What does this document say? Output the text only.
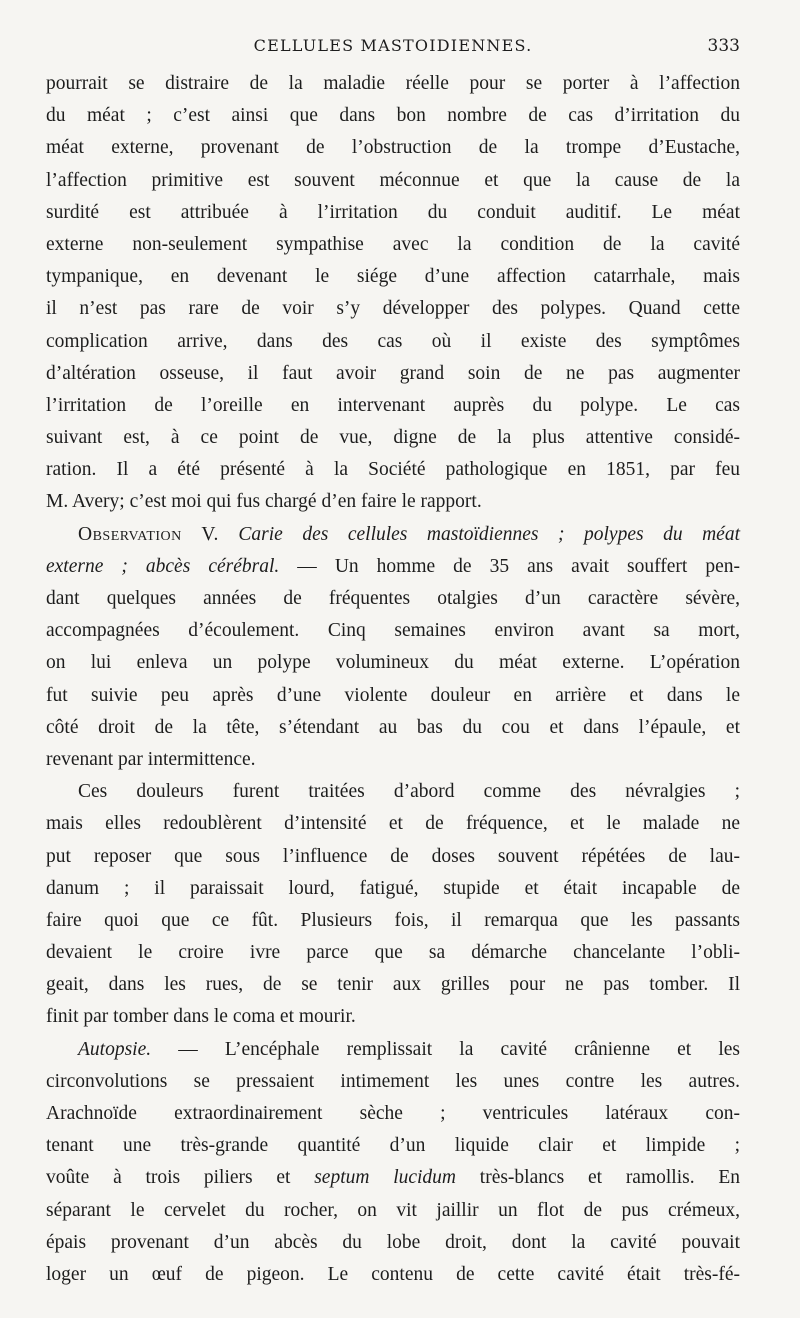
CELLULES MASTOIDIENNES.	333
pourrait se distraire de la maladie réelle pour se porter à l’affection
du méat ; c’est ainsi que dans bon nombre de cas d’irritation du
méat externe, provenant de l’obstruction de la trompe d’Eustache,
l’affection primitive est souvent méconnue et que la cause de la
surdité est attribuée à l’irritation du conduit auditif. Le méat
externe non-seulement sympathise avec la condition de la cavité
tympanique, en devenant le siége d’une affection catarrhale, mais
il n’est pas rare de voir s’y développer des polypes. Quand cette
complication arrive, dans des cas où il existe des symptômes
d’altération osseuse, il faut avoir grand soin de ne pas augmenter
l’irritation de l’oreille en intervenant auprès du polype. Le cas
suivant est, à ce point de vue, digne de la plus attentive considé-
ration. Il a été présenté à la Société pathologique en 1851, par feu
M. Avery; c’est moi qui fus chargé d’en faire le rapport.
Observation V. Carie des cellules mastoïdiennes ; polypes du méat
externe ; abcès cérébral. — Un homme de 35 ans avait souffert pen-
dant quelques années de fréquentes otalgies d’un caractère sévère,
accompagnées d’écoulement. Cinq semaines environ avant sa mort,
on lui enleva un polype volumineux du méat externe. L’opération
fut suivie peu après d’une violente douleur en arrière et dans le
côté droit de la tête, s’étendant au bas du cou et dans l’épaule, et
revenant par intermittence.
Ces douleurs furent traitées d’abord comme des névralgies ;
mais elles redoublèrent d’intensité et de fréquence, et le malade ne
put reposer que sous l’influence de doses souvent répétées de lau-
danum ; il paraissait lourd, fatigué, stupide et était incapable de
faire quoi que ce fût. Plusieurs fois, il remarqua que les passants
devaient le croire ivre parce que sa démarche chancelante l’obli-
geait, dans les rues, de se tenir aux grilles pour ne pas tomber. Il
finit par tomber dans le coma et mourir.
Autopsie. — L’encéphale remplissait la cavité crânienne et les
circonvolutions se pressaient intimement les unes contre les autres.
Arachnoïde extraordinairement sèche ; ventricules latéraux con-
tenant une très-grande quantité d’un liquide clair et limpide ;
voûte à trois piliers et septum lucidum très-blancs et ramollis. En
séparant le cervelet du rocher, on vit jaillir un flot de pus crémeux,
épais provenant d’un abcès du lobe droit, dont la cavité pouvait
loger un œuf de pigeon. Le contenu de cette cavité était très-fé-
